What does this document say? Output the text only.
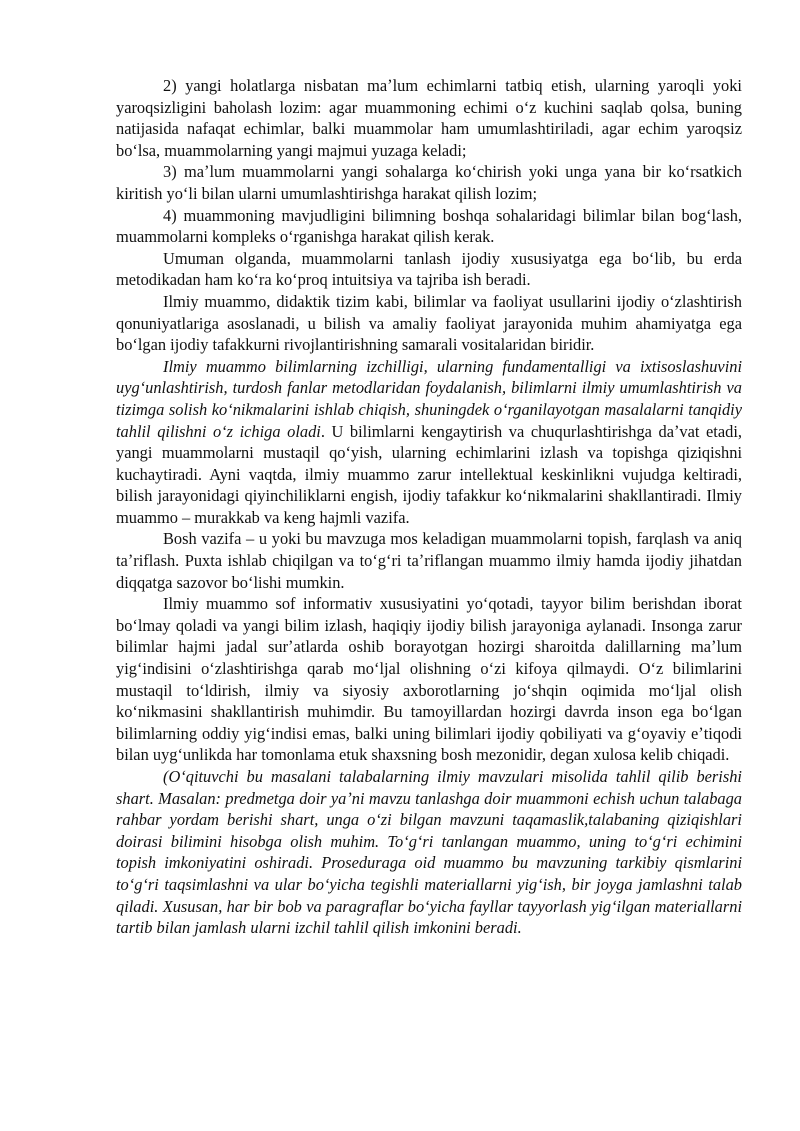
2) yangi holatlarga nisbatan maʼlum echimlarni tatbiq etish, ularning yaroqli yoki yaroqsizligini baholash lozim: agar muammoning echimi oʻz kuchini saqlab qolsa, buning natijasida nafaqat echimlar, balki muammolar ham umumlashtiriladi, agar echim yaroqsiz boʻlsa, muammolarning yangi majmui yuzaga keladi;

3) maʼlum muammolarni yangi sohalarga koʻchirish yoki unga yana bir koʻrsatkich kiritish yoʻli bilan ularni umumlashtirishga harakat qilish lozim;

4) muammoning mavjudligini bilimning boshqa sohalaridagi bilimlar bilan bogʻlash, muammolarni kompleks oʻrganishga harakat qilish kerak.

Umuman olganda, muammolarni tanlash ijodiy xususiyatga ega boʻlib, bu erda metodikadan ham koʻra koʻproq intuitsiya va tajriba ish beradi.

Ilmiy muammo, didaktik tizim kabi, bilimlar va faoliyat usullarini ijodiy oʻzlashtirish qonuniyatlariga asoslanadi, u bilish va amaliy faoliyat jarayonida muhim ahamiyatga ega boʻlgan ijodiy tafakkurni rivojlantirishning samarali vositalaridan biridir.

Ilmiy muammo bilimlarning izchilligi, ularning fundamentalligi va ixtisoslashuvini uygʻunlashtirish, turdosh fanlar metodlaridan foydalanish, bilimlarni ilmiy umumlashtirish va tizimga solish koʻnikmalarini ishlab chiqish, shuningdek oʻrganilayotgan masalalarni tanqidiy tahlil qilishni oʻz ichiga oladi. U bilimlarni kengaytirish va chuqurlashtirishga daʼvat etadi, yangi muammolarni mustaqil qoʻyish, ularning echimlarini izlash va topishga qiziqishni kuchaytiradi. Ayni vaqtda, ilmiy muammo zarur intellektual keskinlikni vujudga keltiradi, bilish jarayonidagi qiyinchiliklarni engish, ijodiy tafakkur koʻnikmalarini shakllantiradi. Ilmiy muammo – murakkab va keng hajmli vazifa.

Bosh vazifa – u yoki bu mavzuga mos keladigan muammolarni topish, farqlash va aniq taʼriflash. Puxta ishlab chiqilgan va toʻgʻri taʼriflangan muammo ilmiy hamda ijodiy jihatdan diqqatga sazovor boʻlishi mumkin.

Ilmiy muammo sof informativ xususiyatini yoʻqotadi, tayyor bilim berishdan iborat boʻlmay qoladi va yangi bilim izlash, haqiqiy ijodiy bilish jarayoniga aylanadi. Insonga zarur bilimlar hajmi jadal surʼatlarda oshib borayotgan hozirgi sharoitda dalillarning maʼlum yigʻindisini oʻzlashtirishga qarab moʻljal olishning oʻzi kifoya qilmaydi. Oʻz bilimlarini mustaqil toʻldirish, ilmiy va siyosiy axborotlarning joʻshqin oqimida moʻljal olish koʻnikmasini shakllantirish muhimdir. Bu tamoyillardan hozirgi davrda inson ega boʻlgan bilimlarning oddiy yigʻindisi emas, balki uning bilimlari ijodiy qobiliyati va gʻoyaviy eʼtiqodi bilan uygʻunlikda har tomonlama etuk shaxsning bosh mezonidir, degan xulosa kelib chiqadi.

(Oʻqituvchi bu masalani talabalarning ilmiy mavzulari misolida tahlil qilib berishi shart. Masalan: predmetga doir yaʼni mavzu tanlashga doir muammoni echish uchun talabaga rahbar yordam berishi shart, unga oʻzi bilgan mavzuni taqamaslik,talabaning qiziqishlari doirasi bilimini hisobga olish muhim. Toʻgʻri tanlangan muammo, uning toʻgʻri echimini topish imkoniyatini oshiradi. Proseduraga oid muammo bu mavzuning tarkibiy qismlarini toʻgʻri taqsimlashni va ular boʻyicha tegishli materiallarni yigʻish, bir joyga jamlashni talab qiladi. Xususan, har bir bob va paragraflar boʻyicha fayllar tayyorlash yigʻilgan materiallarni tartib bilan jamlash ularni izchil tahlil qilish imkonini beradi.
